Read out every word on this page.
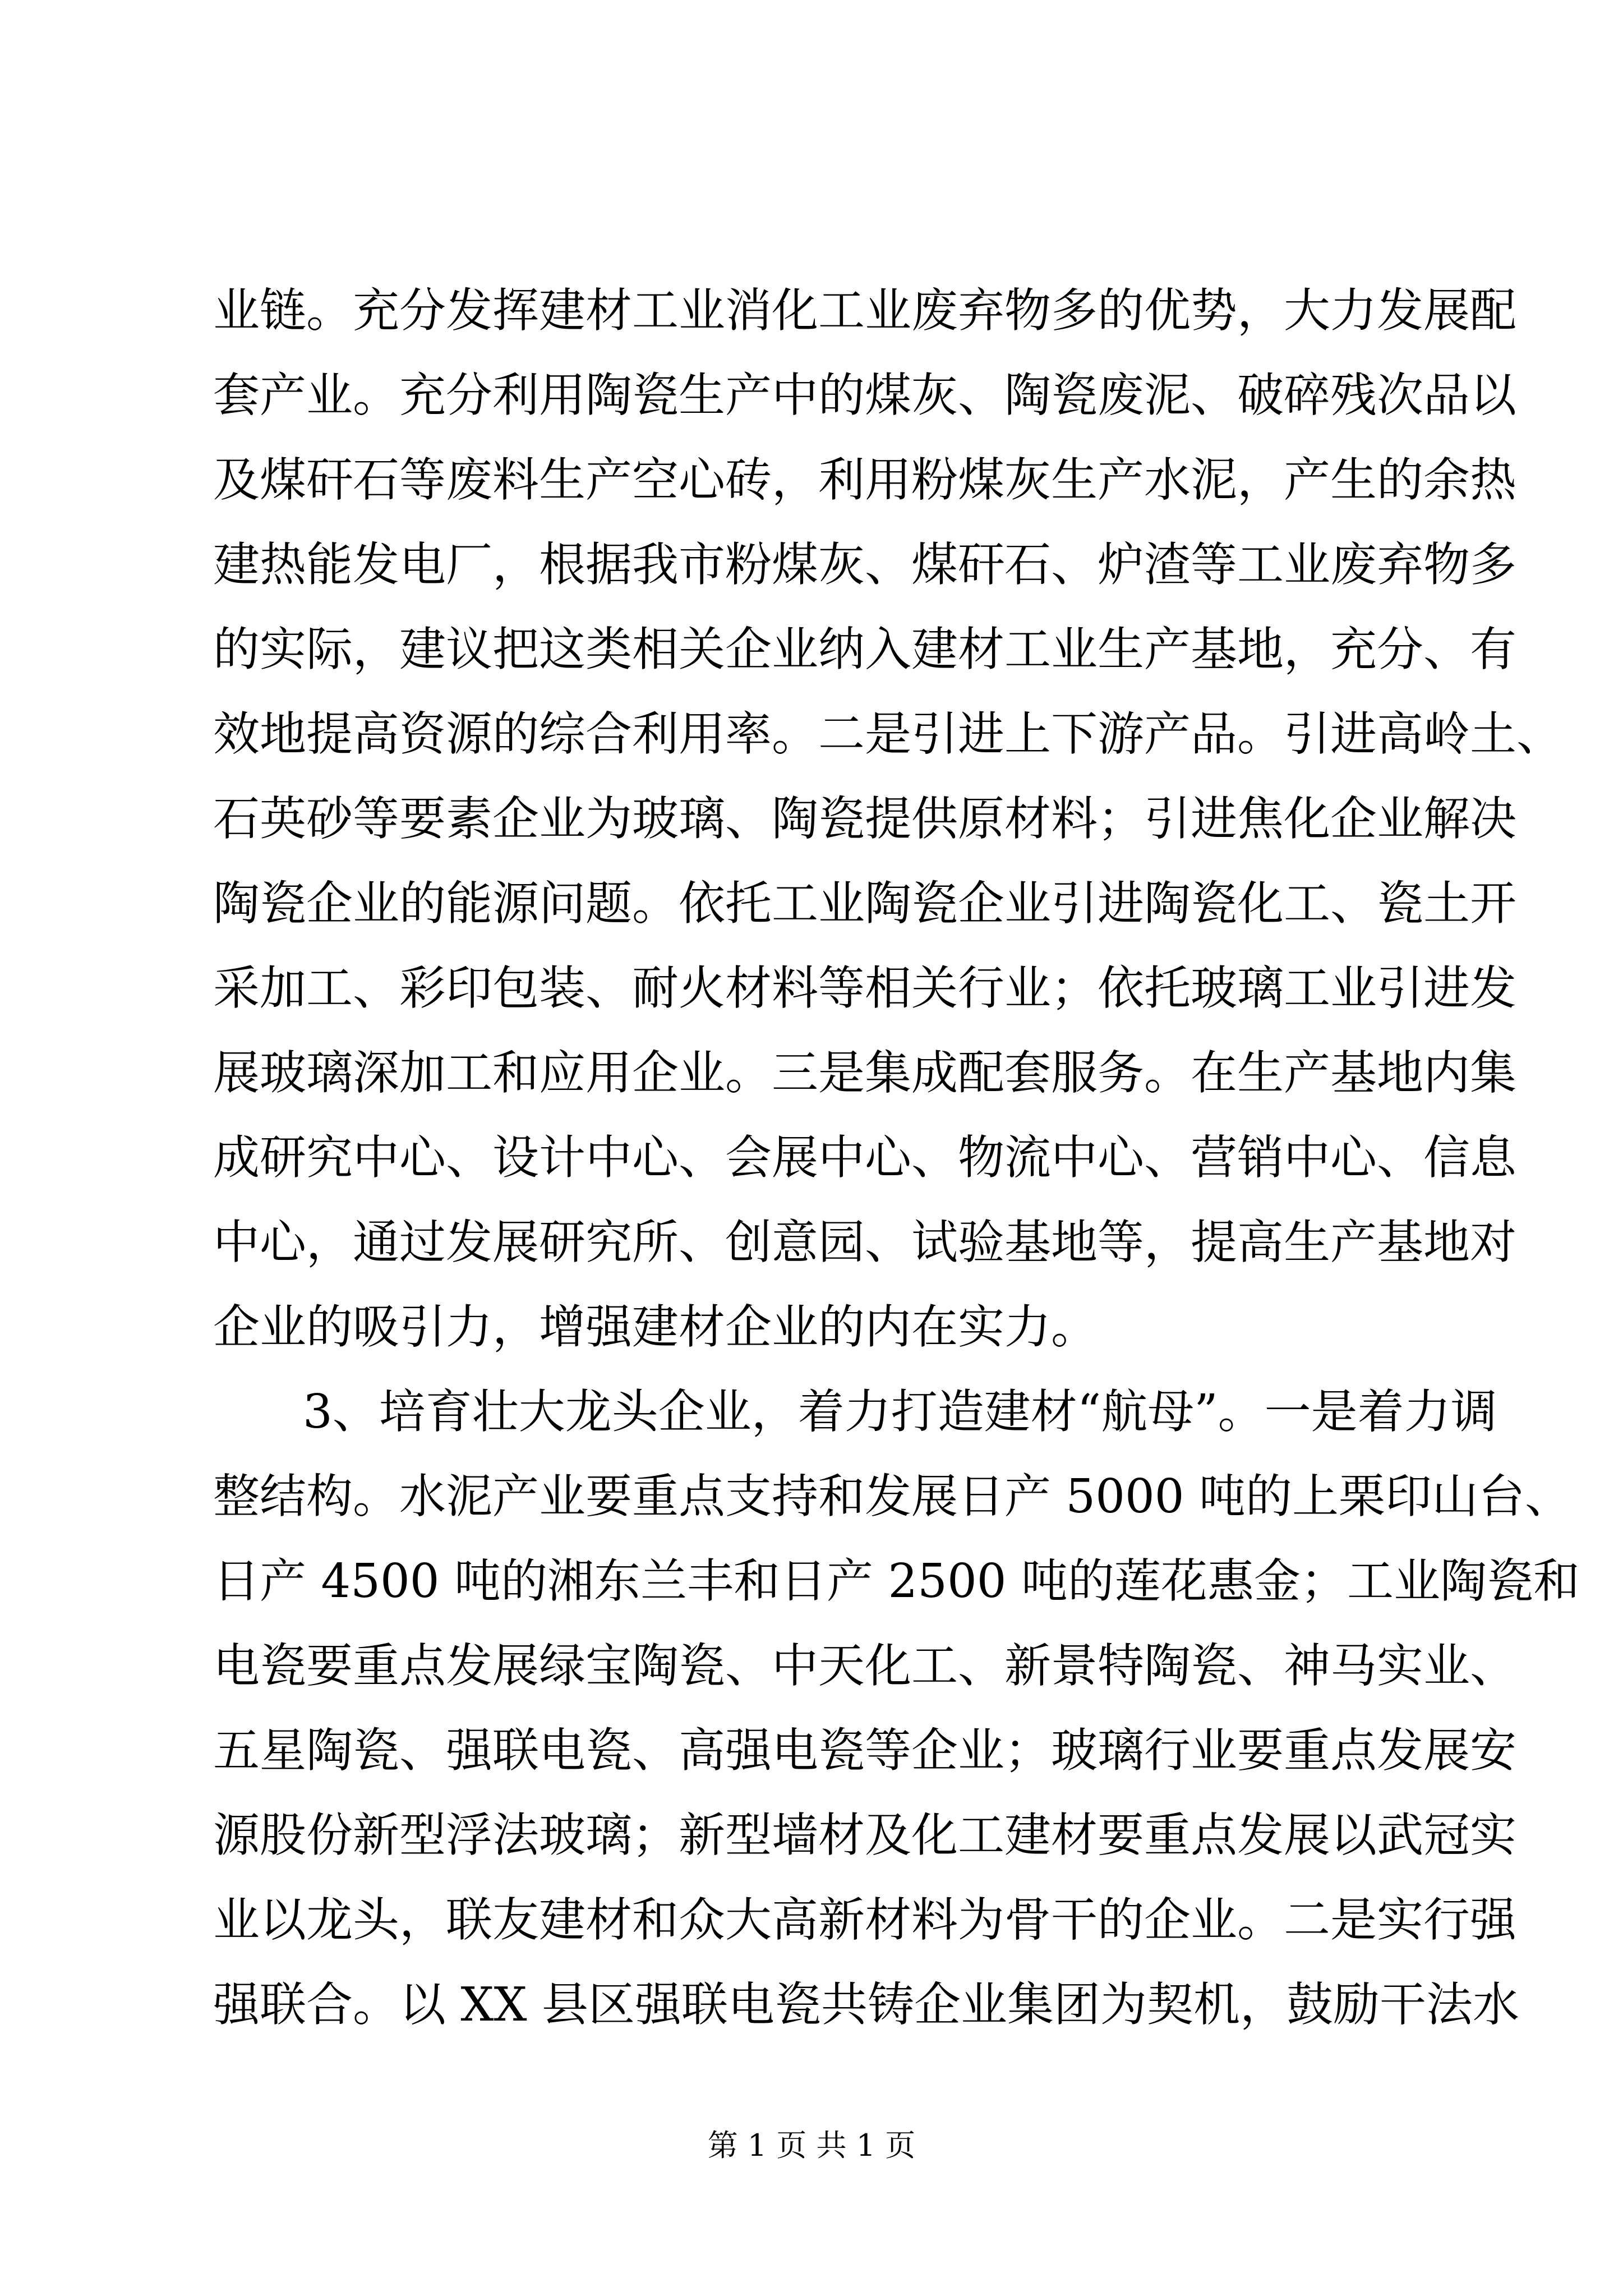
业链。充分发挥建材工业消化工业废弃物多的优势，大力发展配
套产业。充分利用陶瓷生产中的煤灰、陶瓷废泥、破碎残次品以
及煤矸石等废料生产空心砖，利用粉煤灰生产水泥，产生的余热
建热能发电厂，根据我市粉煤灰、煤矸石、炉渣等工业废弃物多
的实际，建议把这类相关企业纳入建材工业生产基地，充分、有
效地提高资源的综合利用率。二是引进上下游产品。引进高岭土、
石英砂等要素企业为玻璃、陶瓷提供原材料；引进焦化企业解决
陶瓷企业的能源问题。依托工业陶瓷企业引进陶瓷化工、瓷土开
采加工、彩印包装、耐火材料等相关行业；依托玻璃工业引进发
展玻璃深加工和应用企业。三是集成配套服务。在生产基地内集
成研究中心、设计中心、会展中心、物流中心、营销中心、信息
中心，通过发展研究所、创意园、试验基地等，提高生产基地对
企业的吸引力，增强建材企业的内在实力。
3、培育壮大龙头企业，着力打造建材“航母”。一是着力调
整结构。水泥产业要重点支持和发展日产 5000 吨的上栗印山台、
日产 4500 吨的湘东兰丰和日产 2500 吨的莲花惠金；工业陶瓷和
电瓷要重点发展绿宝陶瓷、中天化工、新景特陶瓷、神马实业、
五星陶瓷、强联电瓷、高强电瓷等企业；玻璃行业要重点发展安
源股份新型浮法玻璃；新型墙材及化工建材要重点发展以武冠实
业以龙头，联友建材和众大高新材料为骨干的企业。二是实行强
强联合。以 XX 县区强联电瓷共铸企业集团为契机，鼓励干法水
第 1 页 共 1 页
